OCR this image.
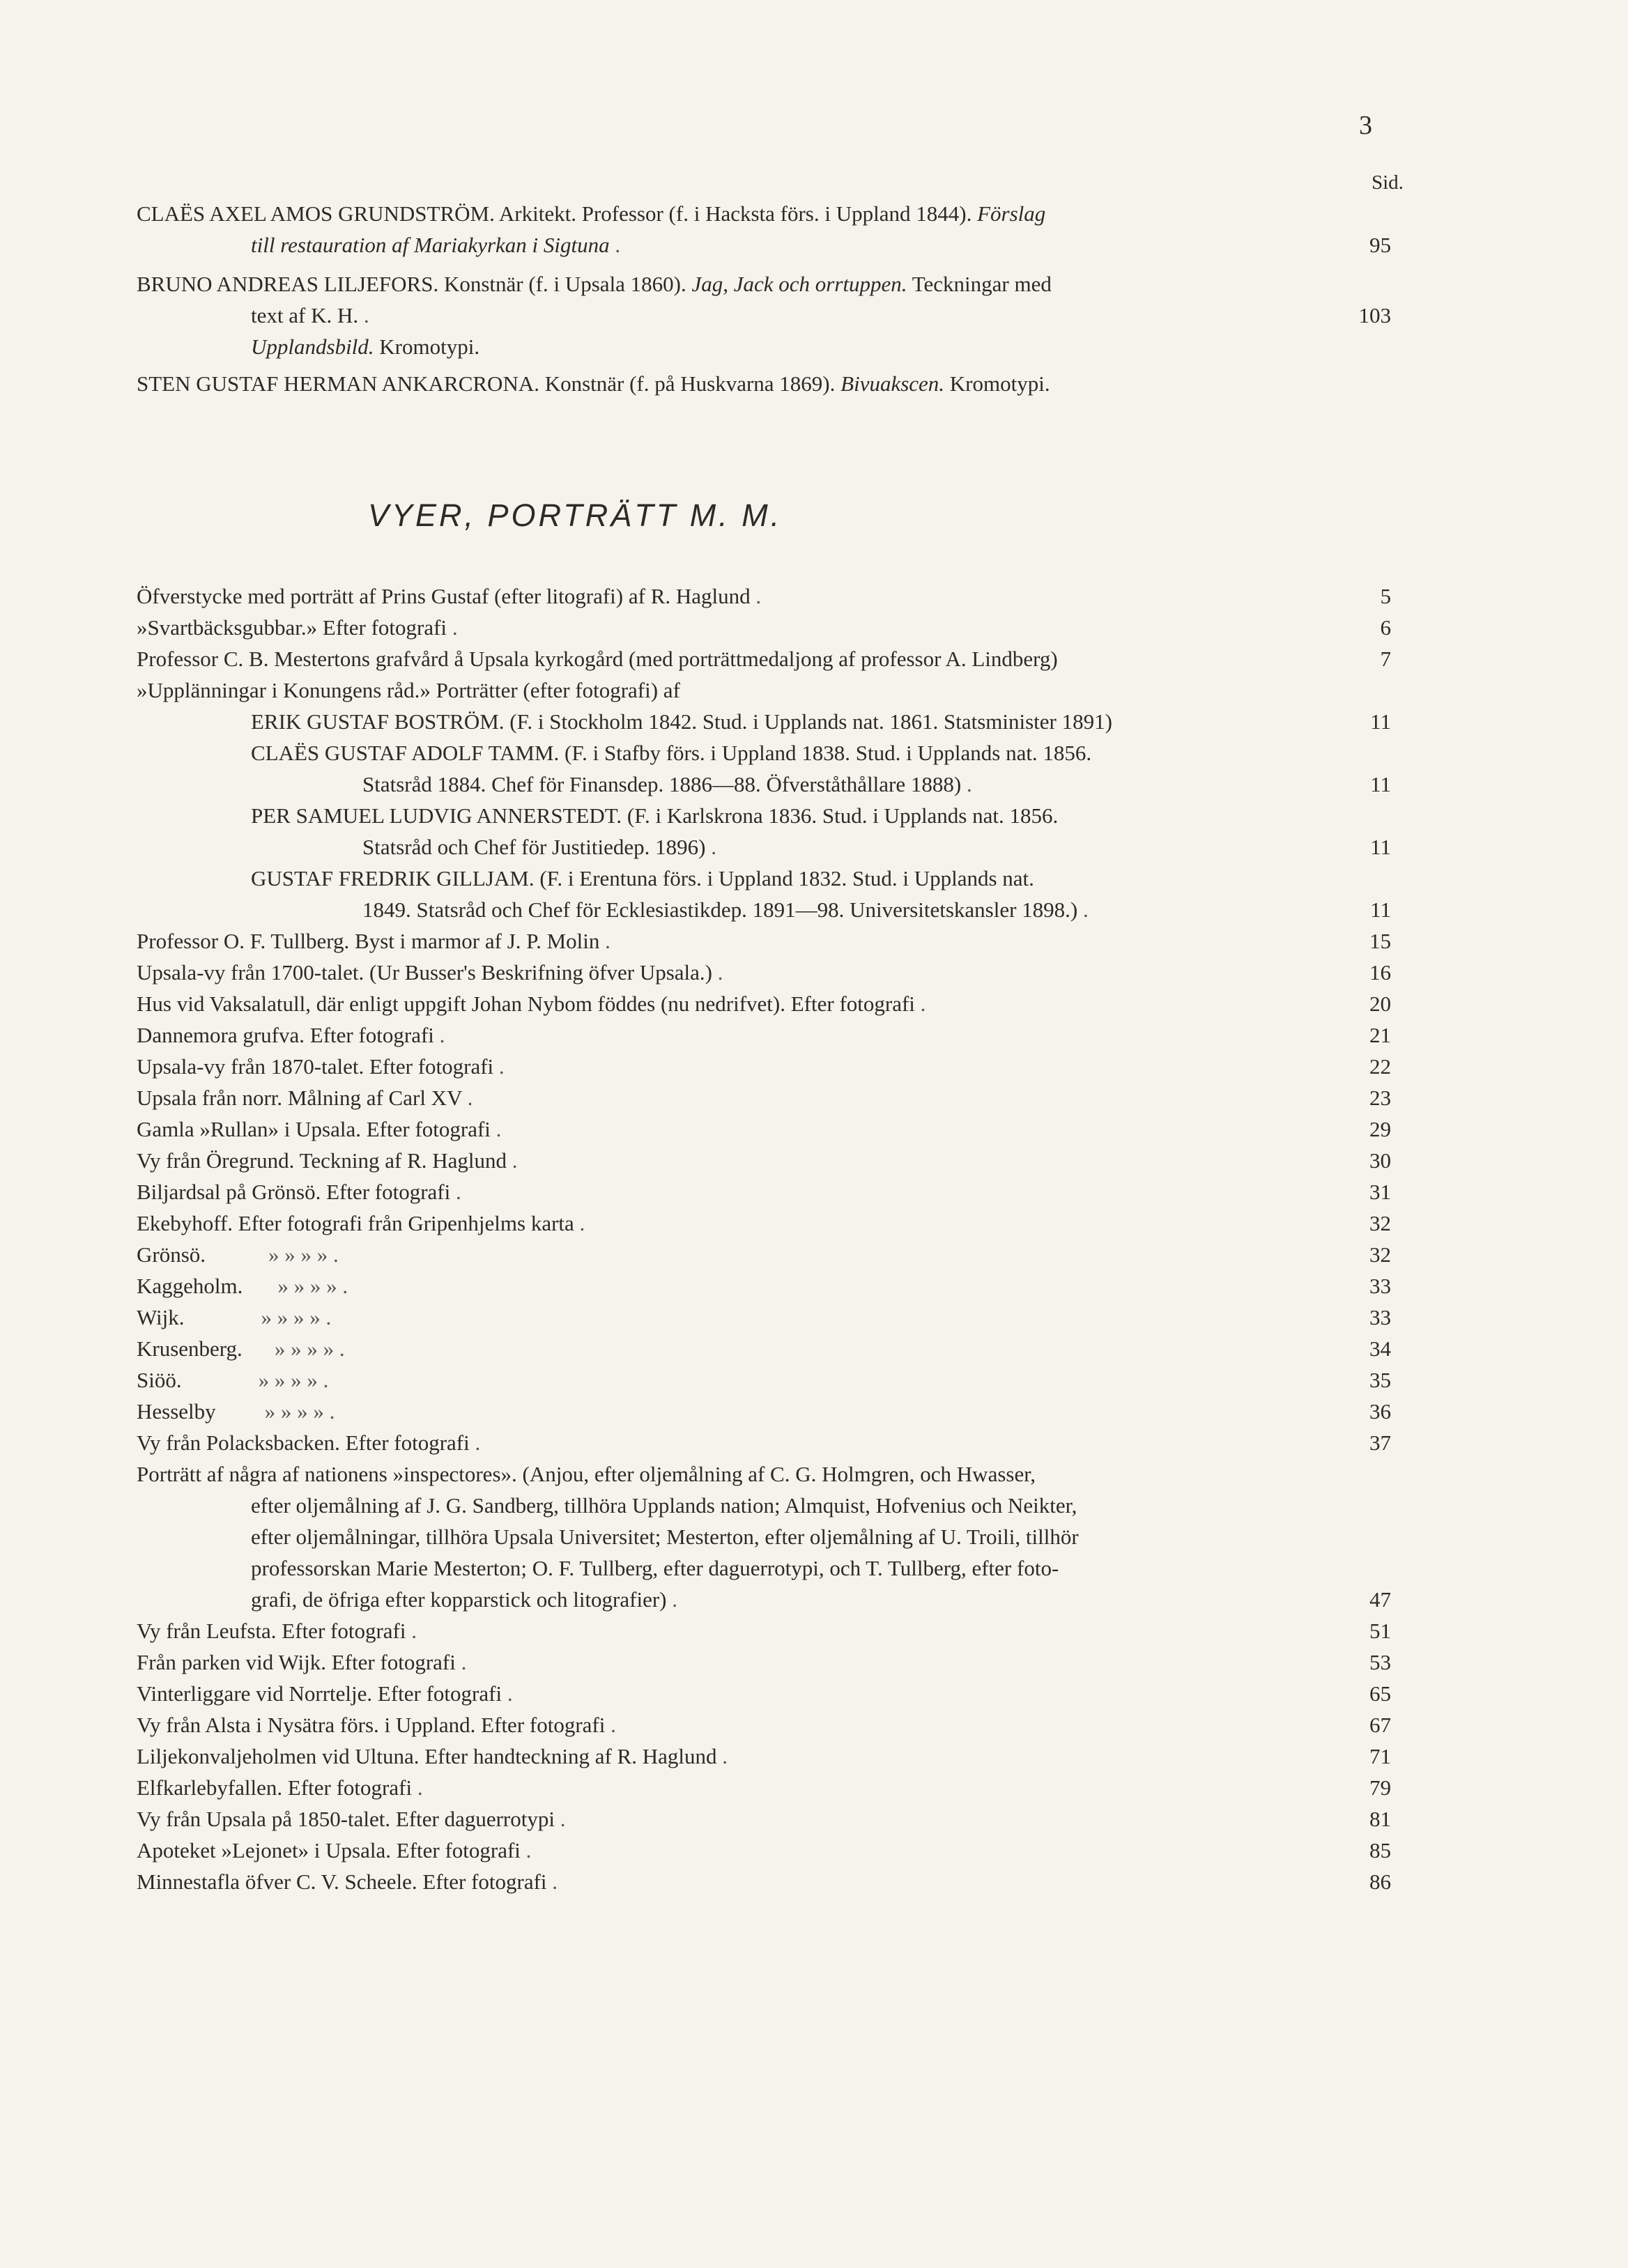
3
Sid.
CLAËS AXEL AMOS GRUNDSTRÖM. Arkitekt. Professor (f. i Hacksta förs. i Uppland 1844). Förslag
till restauration af Mariakyrkan i Sigtuna .	95
BRUNO ANDREAS LILJEFORS. Konstnär (f. i Upsala 1860). Jag, Jack och orrtuppen. Teckningar med
text af K. H. .	103
Upplandsbild. Kromotypi.
STEN GUSTAF HERMAN ANKARCRONA. Konstnär (f. på Huskvarna 1869). Bivuakscen. Kromotypi.
VYER, PORTRÄTT M. M.
Öfverstycke med porträtt af Prins Gustaf (efter litografi) af R. Haglund .	5
»Svartbäcksgubbar.» Efter fotografi .	6
Professor C. B. Mestertons grafvård å Upsala kyrkogård (med porträttmedaljong af professor A. Lindberg)	7
»Upplänningar i Konungens råd.» Porträtter (efter fotografi) af
ERIK GUSTAF BOSTRÖM. (F. i Stockholm 1842. Stud. i Upplands nat. 1861. Statsminister 1891)	11
CLAËS GUSTAF ADOLF TAMM. (F. i Stafby förs. i Uppland 1838. Stud. i Upplands nat. 1856.
Statsråd 1884. Chef för Finansdep. 1886—88. Öfverståthållare 1888) .	11
PER SAMUEL LUDVIG ANNERSTEDT. (F. i Karlskrona 1836. Stud. i Upplands nat. 1856.
Statsråd och Chef för Justitiedep. 1896) .	11
GUSTAF FREDRIK GILLJAM. (F. i Erentuna förs. i Uppland 1832. Stud. i Upplands nat.
1849. Statsråd och Chef för Ecklesiastikdep. 1891—98. Universitetskansler 1898.) .	11
Professor O. F. Tullberg. Byst i marmor af J. P. Molin .	15
Upsala-vy från 1700-talet. (Ur Busser's Beskrifning öfver Upsala.) .	16
Hus vid Vaksalatull, där enligt uppgift Johan Nybom föddes (nu nedrifvet). Efter fotografi .	20
Dannemora grufva. Efter fotografi .	21
Upsala-vy från 1870-talet. Efter fotografi .	22
Upsala från norr. Målning af Carl XV .	23
Gamla »Rullan» i Upsala. Efter fotografi .	29
Vy från Öregrund. Teckning af R. Haglund .	30
Biljardsal på Grönsö. Efter fotografi .	31
Ekebyhoff. Efter fotografi från Gripenhjelms karta .	32
Grönsö.	» » » » .	32
Kaggeholm. » » » » .	33
Wijk.	» » » » .	33
Krusenberg. » » » » .	34
Siöö.	» » » » .	35
Hesselby » » » » .	36
Vy från Polacksbacken. Efter fotografi .	37
Porträtt af några af nationens »inspectores». (Anjou, efter oljemålning af C. G. Holmgren, och Hwasser,
efter oljemålning af J. G. Sandberg, tillhöra Upplands nation; Almquist, Hofvenius och Neikter,
efter oljemålningar, tillhöra Upsala Universitet; Mesterton, efter oljemålning af U. Troili, tillhör
professorskan Marie Mesterton; O. F. Tullberg, efter daguerrotypi, och T. Tullberg, efter foto-
grafi, de öfriga efter kopparstick och litografier) .	47
Vy från Leufsta. Efter fotografi .	51
Från parken vid Wijk. Efter fotografi .	53
Vinterliggare vid Norrtelje. Efter fotografi .	65
Vy från Alsta i Nysätra förs. i Uppland. Efter fotografi .	67
Liljekonvaljeholmen vid Ultuna. Efter handteckning af R. Haglund .	71
Elfkarlebyfallen. Efter fotografi .	79
Vy från Upsala på 1850-talet. Efter daguerrotypi .	81
Apoteket »Lejonet» i Upsala. Efter fotografi .	85
Minnestafla öfver C. V. Scheele. Efter fotografi .	86
